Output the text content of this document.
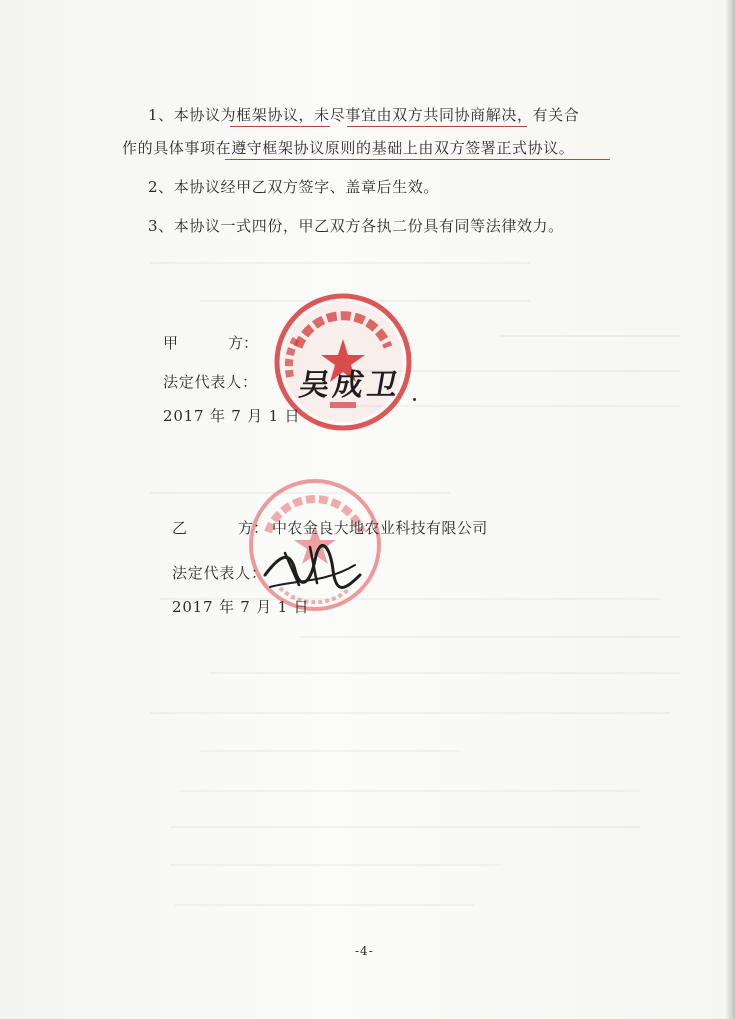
1、本协议为框架协议，未尽事宜由双方共同协商解决，有关合
作的具体事项在遵守框架协议原则的基础上由双方签署正式协议。
2、本协议经甲乙双方签字、盖章后生效。
3、本协议一式四份，甲乙双方各执二份具有同等法律效力。
甲	方：
法定代表人： 吴成卫
2017 年 7 月 1 日
乙	方： 中农金良大地农业科技有限公司
法定代表人：
2017 年 7 月 1 日
-4-
